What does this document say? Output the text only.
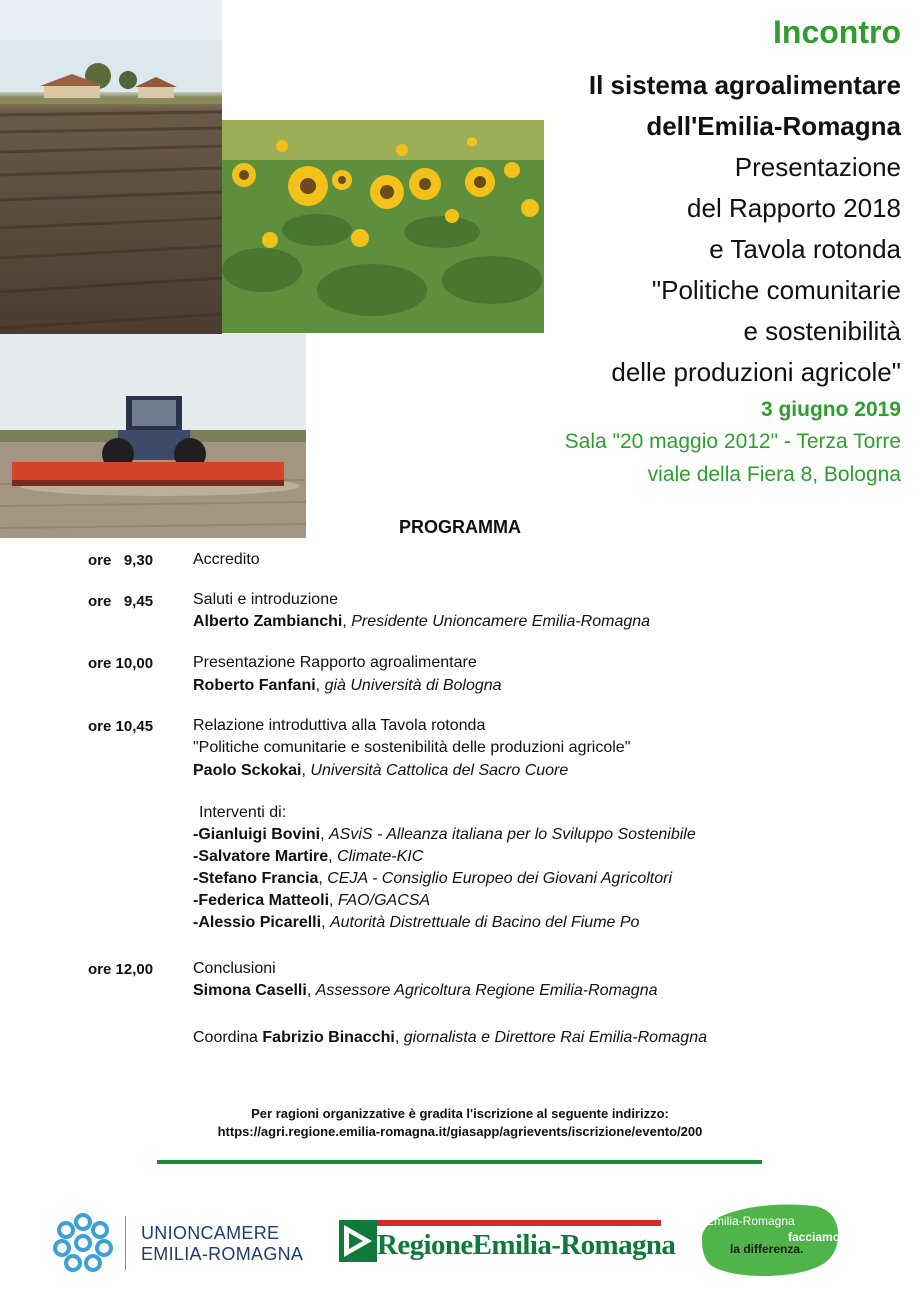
Incontro
Il sistema agroalimentare
dell'Emilia-Romagna
Presentazione
del Rapporto 2018
e Tavola rotonda
"Politiche comunitarie
e sostenibilità
delle produzioni agricole"
3 giugno 2019
Sala "20 maggio 2012" - Terza Torre
viale della Fiera 8, Bologna
PROGRAMMA
ore   9,30 Accredito
ore   9,45 Saluti e introduzione
Alberto Zambianchi, Presidente Unioncamere Emilia-Romagna
ore 10,00 Presentazione Rapporto agroalimentare
Roberto Fanfani, già Università di Bologna
ore 10,45 Relazione introduttiva alla Tavola rotonda
"Politiche comunitarie e sostenibilità delle produzioni agricole"
Paolo Sckokai, Università Cattolica del Sacro Cuore
Interventi di:
-Gianluigi Bovini, ASviS - Alleanza italiana per lo Sviluppo Sostenibile
-Salvatore Martire, Climate-KIC
-Stefano Francia, CEJA - Consiglio Europeo dei Giovani Agricoltori
-Federica Matteoli, FAO/GACSA
-Alessio Picarelli, Autorità Distrettuale di Bacino del Fiume Po
ore 12,00 Conclusioni
Simona Caselli, Assessore Agricoltura Regione Emilia-Romagna
Coordina Fabrizio Binacchi, giornalista e Direttore Rai Emilia-Romagna
Per ragioni organizzative è gradita l'iscrizione al seguente indirizzo:
https://agri.regione.emilia-romagna.it/giasapp/agrievents/iscrizione/evento/200
UNIONCAMERE
EMILIA-ROMAGNA	RegioneEmilia-Romagna
Emilia-Romagna
facciamo
la differenza.
